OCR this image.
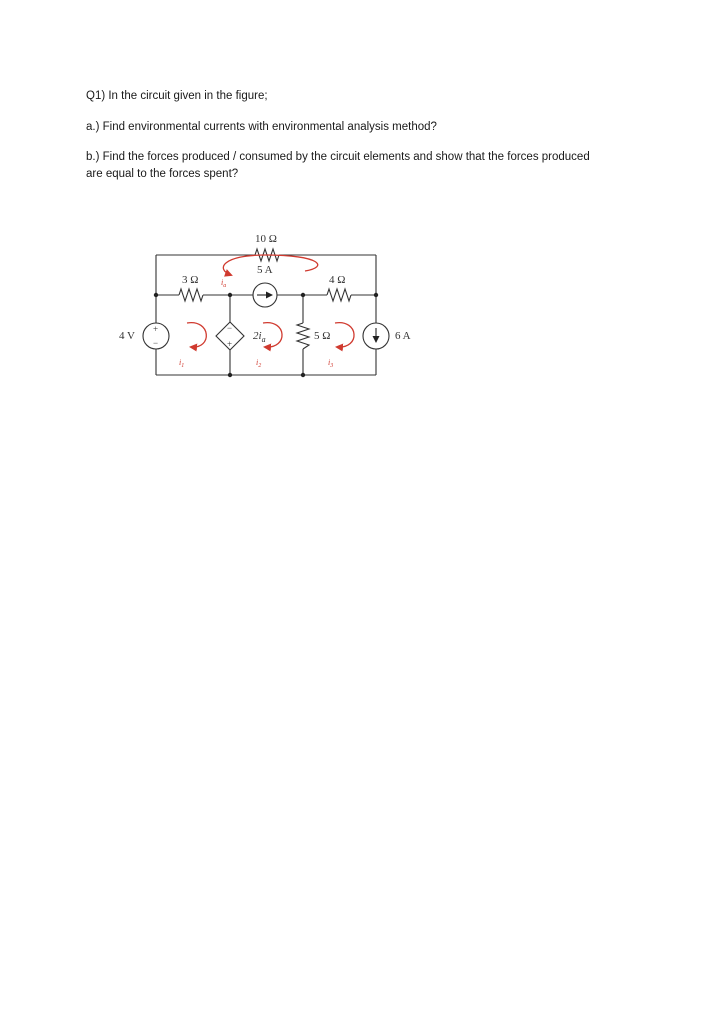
Q1) In the circuit given in the figure;
a.) Find environmental currents with environmental analysis method?
b.) Find the forces produced / consumed by the circuit elements and show that the forces produced
are equal to the forces spent?
10 Ω
5 A
3 Ω	4 Ω
5 Ω	6 A
4 V	$2i_a$
+
−
−
+
$i_a$
$i_1$	$i_2$	$i_3$
